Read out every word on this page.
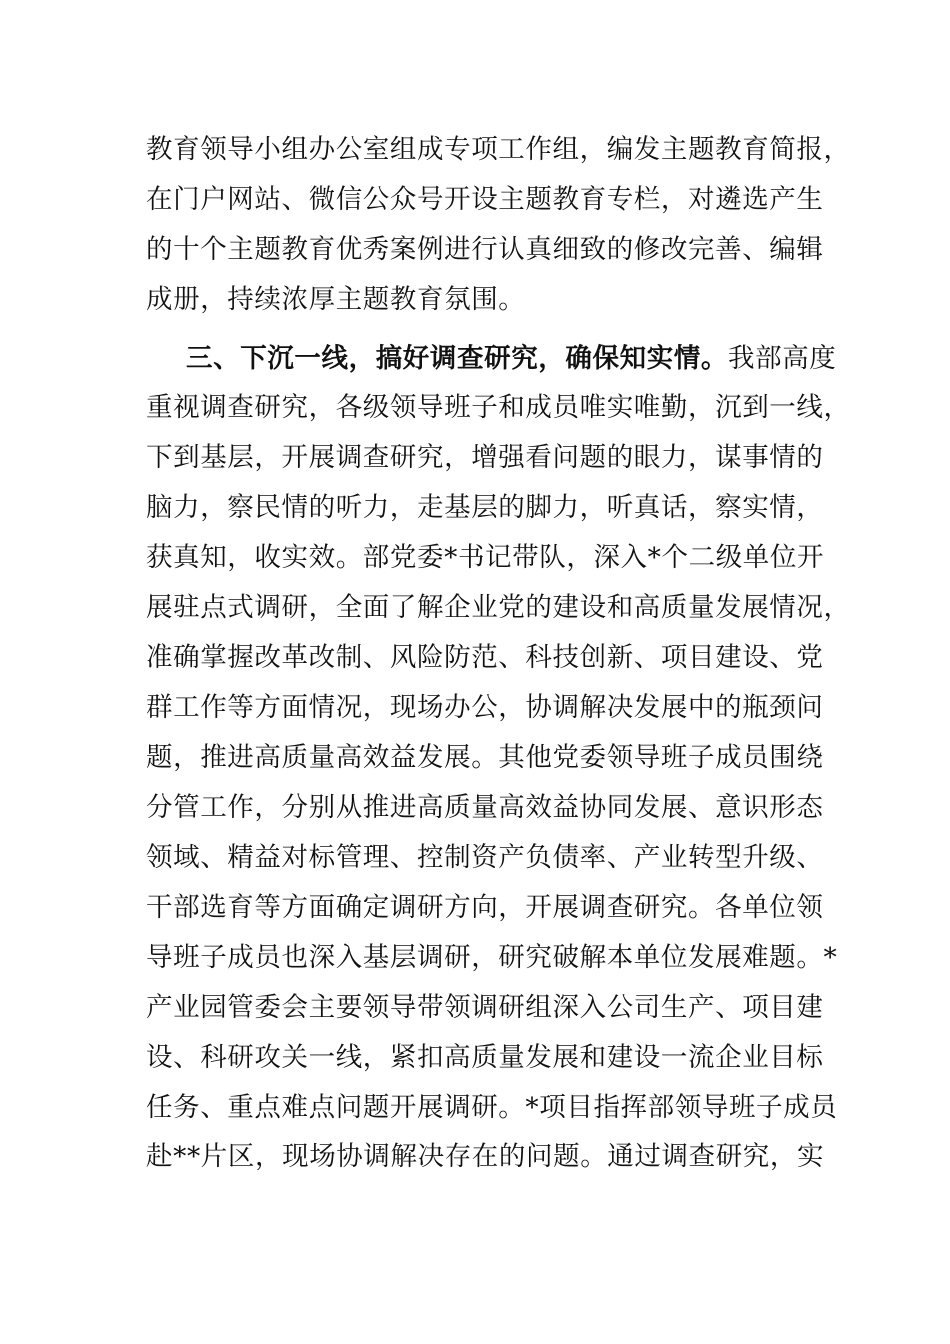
教育领导小组办公室组成专项工作组，编发主题教育简报，
在门户网站、微信公众号开设主题教育专栏，对遴选产生
的十个主题教育优秀案例进行认真细致的修改完善、编辑
成册，持续浓厚主题教育氛围。
三、下沉一线，搞好调查研究，确保知实情。我部高度
重视调查研究，各级领导班子和成员唯实唯勤，沉到一线，
下到基层，开展调查研究，增强看问题的眼力，谋事情的
脑力，察民情的听力，走基层的脚力，听真话，察实情，
获真知，收实效。部党委*书记带队，深入*个二级单位开
展驻点式调研，全面了解企业党的建设和高质量发展情况，
准确掌握改革改制、风险防范、科技创新、项目建设、党
群工作等方面情况，现场办公，协调解决发展中的瓶颈问
题，推进高质量高效益发展。其他党委领导班子成员围绕
分管工作，分别从推进高质量高效益协同发展、意识形态
领域、精益对标管理、控制资产负债率、产业转型升级、
干部选育等方面确定调研方向，开展调查研究。各单位领
导班子成员也深入基层调研，研究破解本单位发展难题。*
产业园管委会主要领导带领调研组深入公司生产、项目建
设、科研攻关一线，紧扣高质量发展和建设一流企业目标
任务、重点难点问题开展调研。*项目指挥部领导班子成员
赴**片区，现场协调解决存在的问题。通过调查研究，实
